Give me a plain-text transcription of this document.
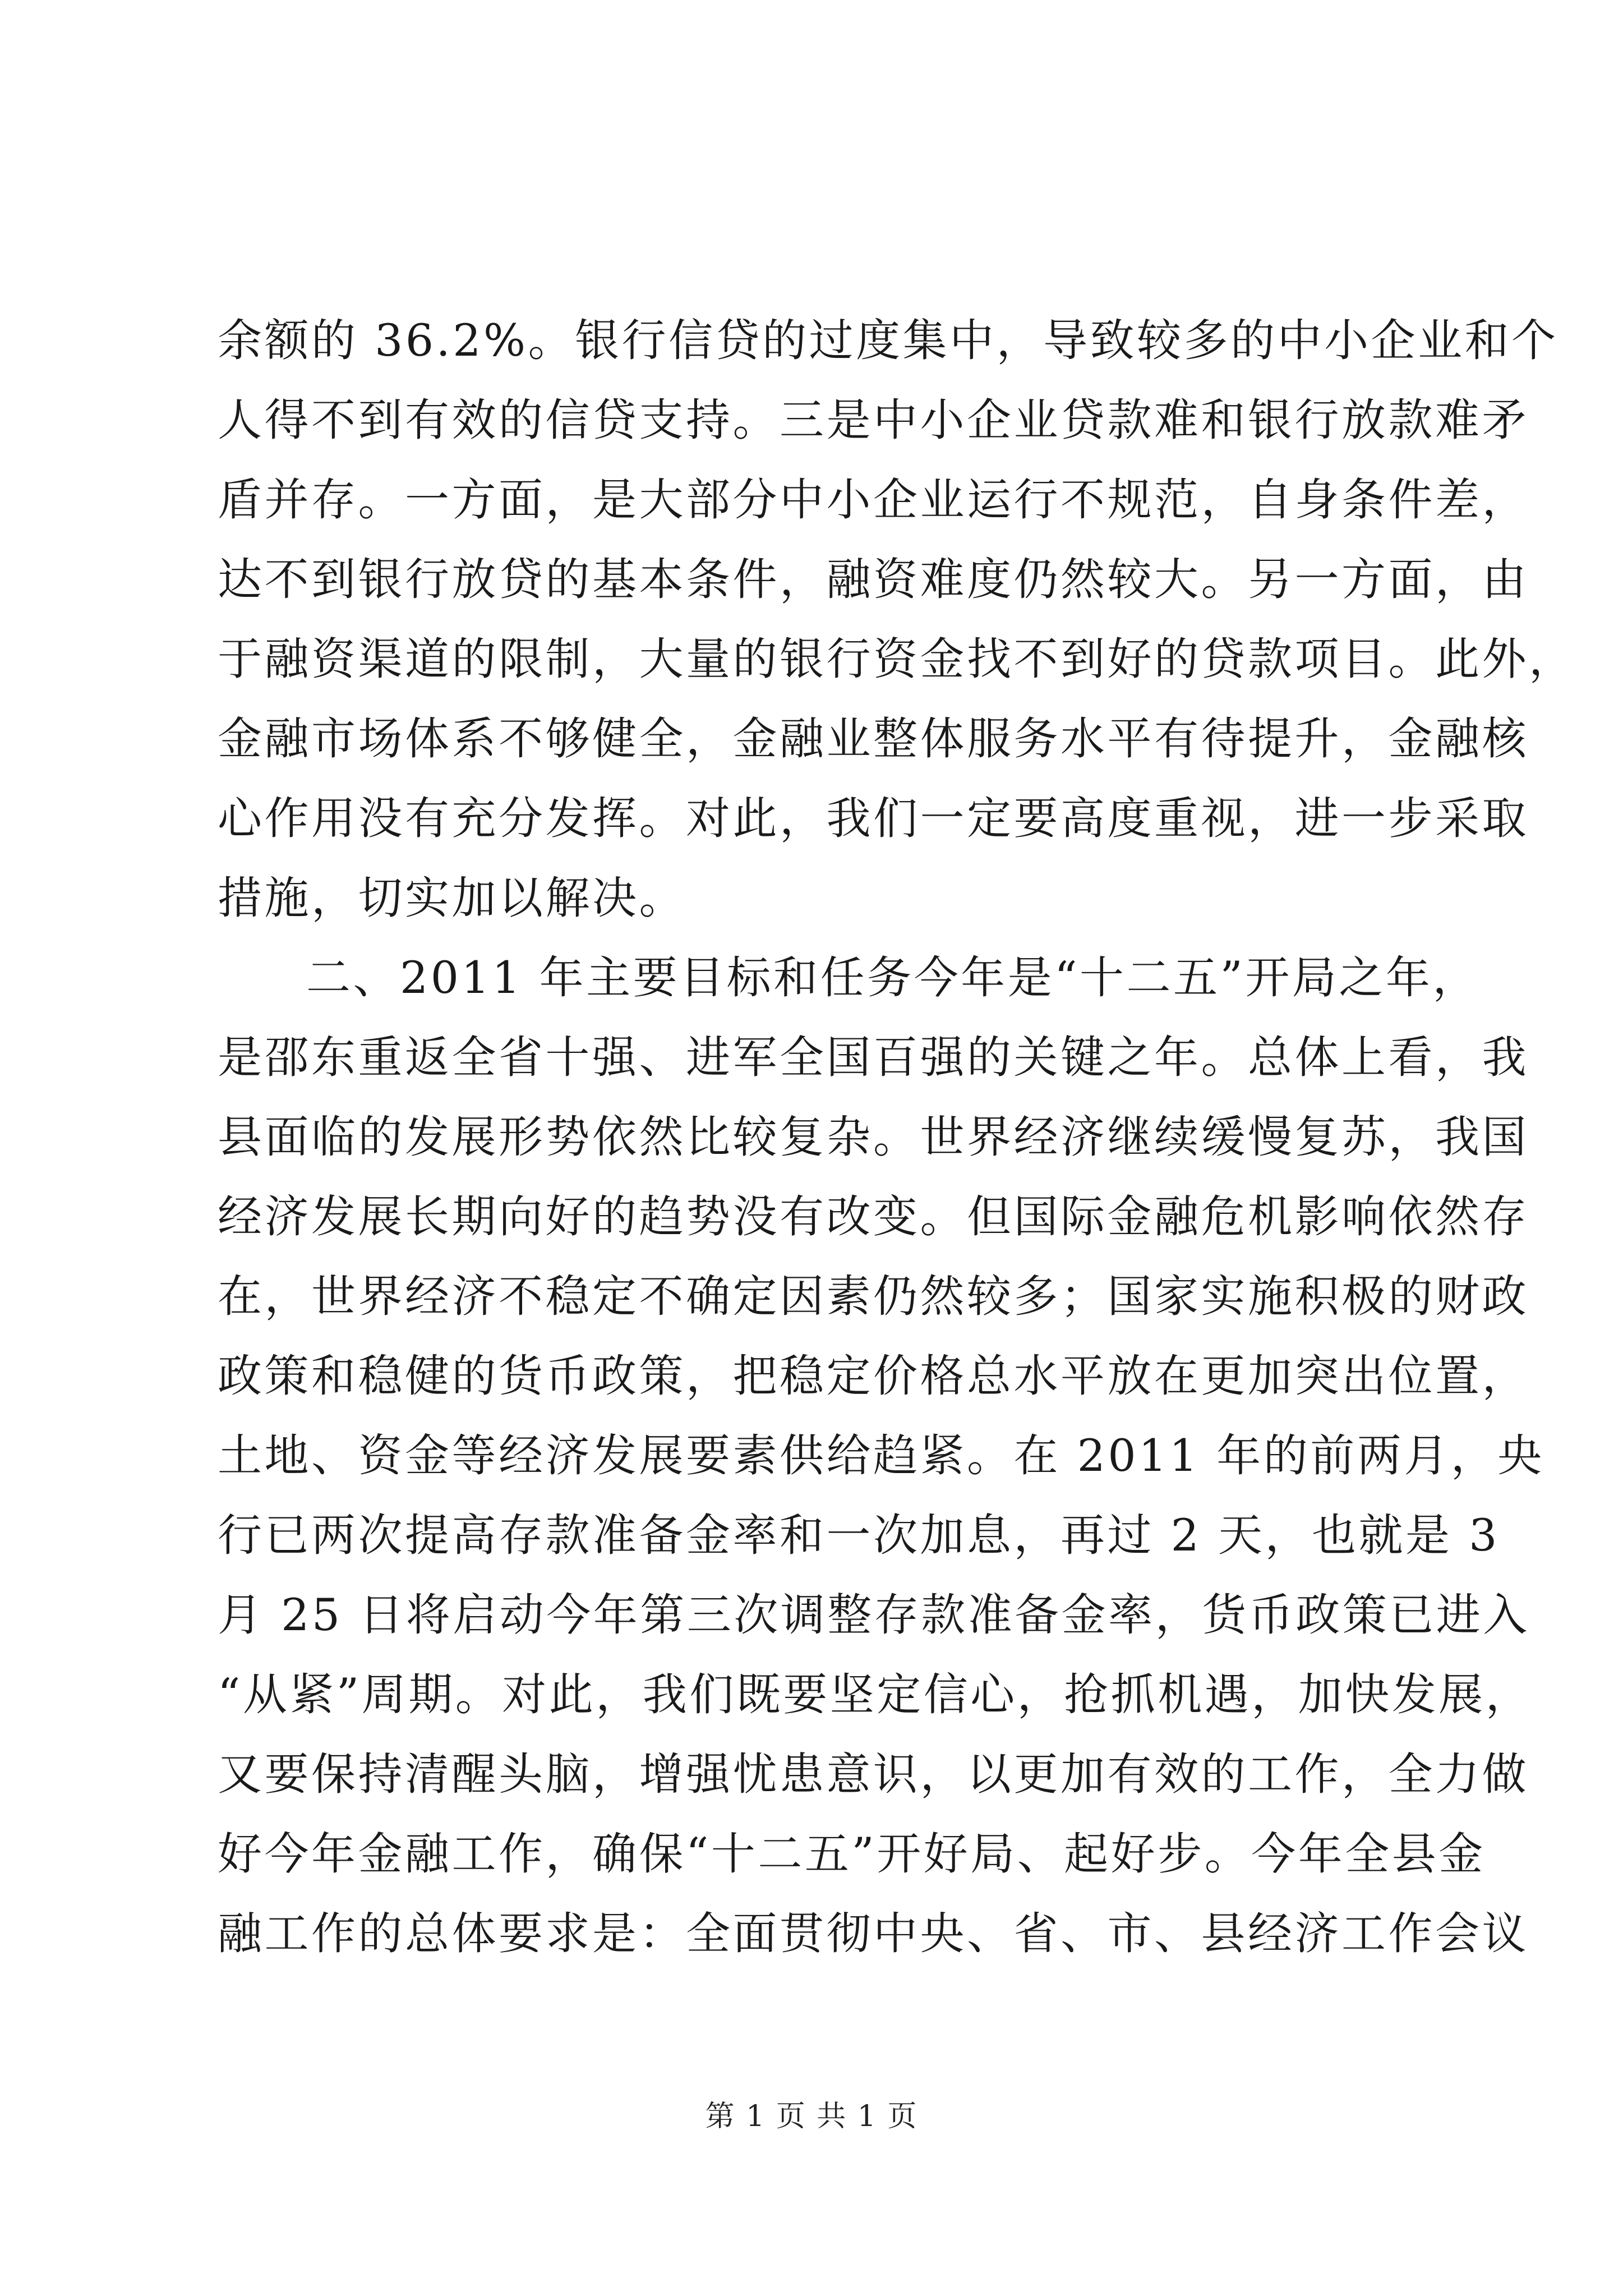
余额的 36.2%。银行信贷的过度集中，导致较多的中小企业和个
人得不到有效的信贷支持。三是中小企业贷款难和银行放款难矛
盾并存。一方面，是大部分中小企业运行不规范，自身条件差，
达不到银行放贷的基本条件，融资难度仍然较大。另一方面，由
于融资渠道的限制，大量的银行资金找不到好的贷款项目。此外，
金融市场体系不够健全，金融业整体服务水平有待提升，金融核
心作用没有充分发挥。对此，我们一定要高度重视，进一步采取
措施，切实加以解决。
二、2011 年主要目标和任务今年是“十二五”开局之年，
是邵东重返全省十强、进军全国百强的关键之年。总体上看，我
县面临的发展形势依然比较复杂。世界经济继续缓慢复苏，我国
经济发展长期向好的趋势没有改变。但国际金融危机影响依然存
在，世界经济不稳定不确定因素仍然较多；国家实施积极的财政
政策和稳健的货币政策，把稳定价格总水平放在更加突出位置，
土地、资金等经济发展要素供给趋紧。在 2011 年的前两月，央
行已两次提高存款准备金率和一次加息，再过 2 天，也就是 3
月 25 日将启动今年第三次调整存款准备金率，货币政策已进入
“从紧”周期。对此，我们既要坚定信心，抢抓机遇，加快发展，
又要保持清醒头脑，增强忧患意识，以更加有效的工作，全力做
好今年金融工作，确保“十二五”开好局、起好步。今年全县金
融工作的总体要求是：全面贯彻中央、省、市、县经济工作会议
第 1 页 共 1 页
